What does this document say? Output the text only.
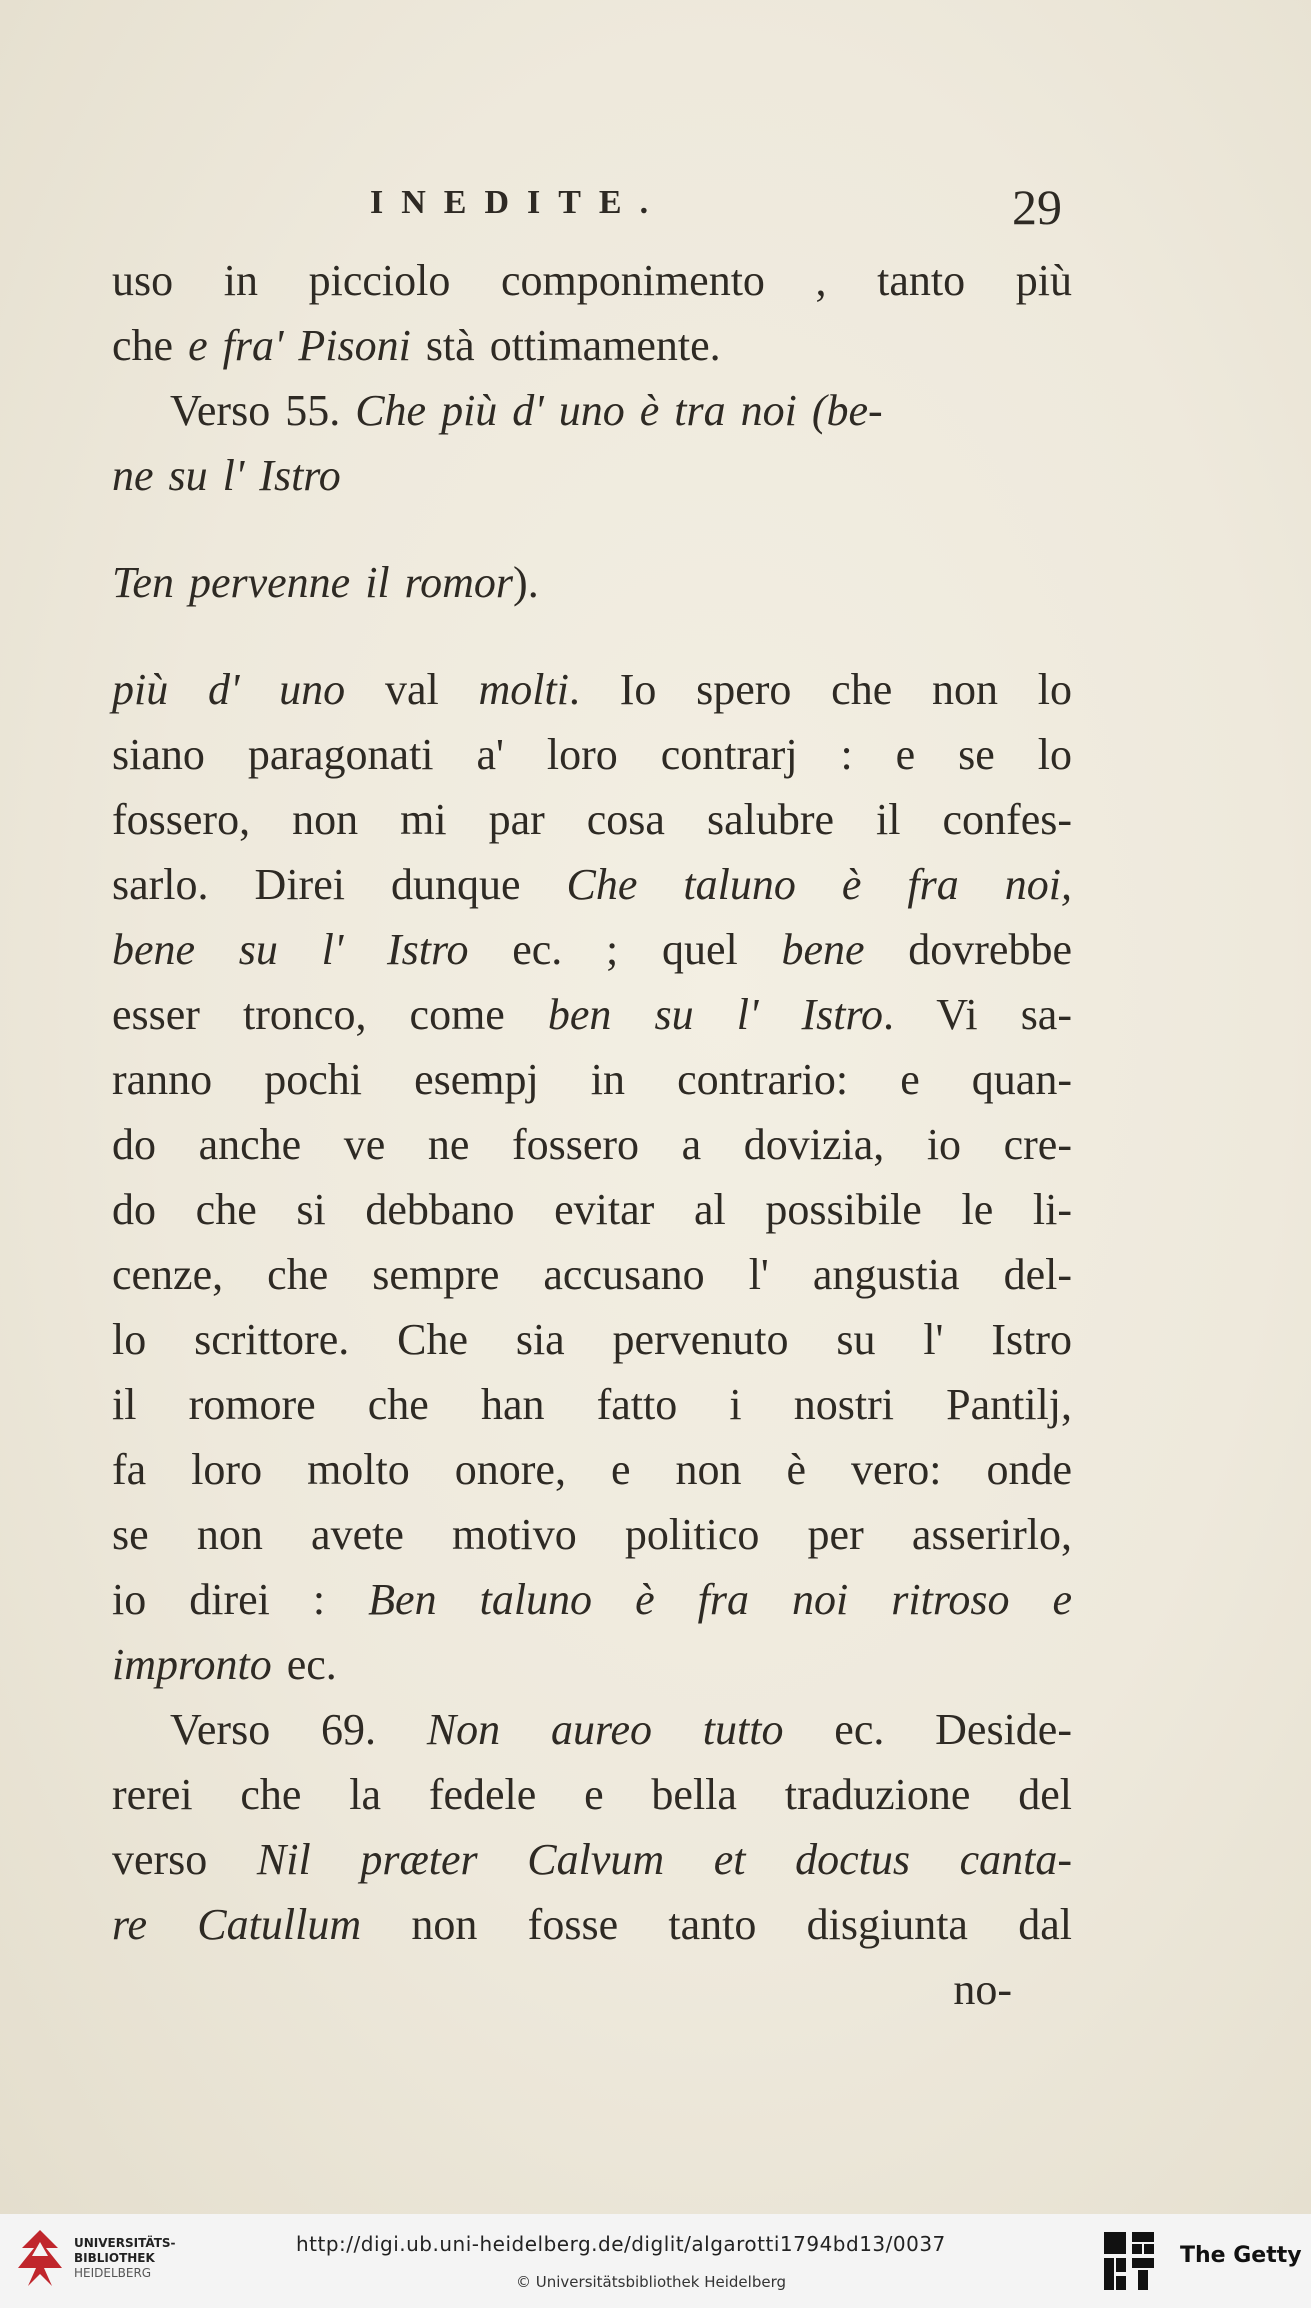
INEDITE.	29
uso in picciolo componimento , tanto più
che e fra' Pisoni stà ottimamente.
Verso 55. Che più d' uno è tra noi (be-
ne su l' Istro
Ten pervenne il romor).
più d' uno val molti. Io spero che non lo
siano paragonati a' loro contrarj : e se lo
fossero, non mi par cosa salubre il confes-
sarlo. Direi dunque Che taluno è fra noi,
bene su l' Istro ec. ; quel bene dovrebbe
esser tronco, come ben su l' Istro. Vi sa-
ranno pochi esempj in contrario: e quan-
do anche ve ne fossero a dovizia, io cre-
do che si debbano evitar al possibile le li-
cenze, che sempre accusano l' angustia del-
lo scrittore. Che sia pervenuto su l' Istro
il romore che han fatto i nostri Pantilj,
fa loro molto onore, e non è vero: onde
se non avete motivo politico per asserirlo,
io direi : Ben taluno è fra noi ritroso e
impronto ec.
Verso 69. Non aureo tutto ec. Deside-
rerei che la fedele e bella traduzione del
verso Nil præter Calvum et doctus canta-
re Catullum non fosse tanto disgiunta dal
no-
UNIVERSITÄTS-
BIBLIOTHEK
HEIDELBERG
http://digi.ub.uni-heidelberg.de/diglit/algarotti1794bd13/0037
© Universitätsbibliothek Heidelberg
The Getty
